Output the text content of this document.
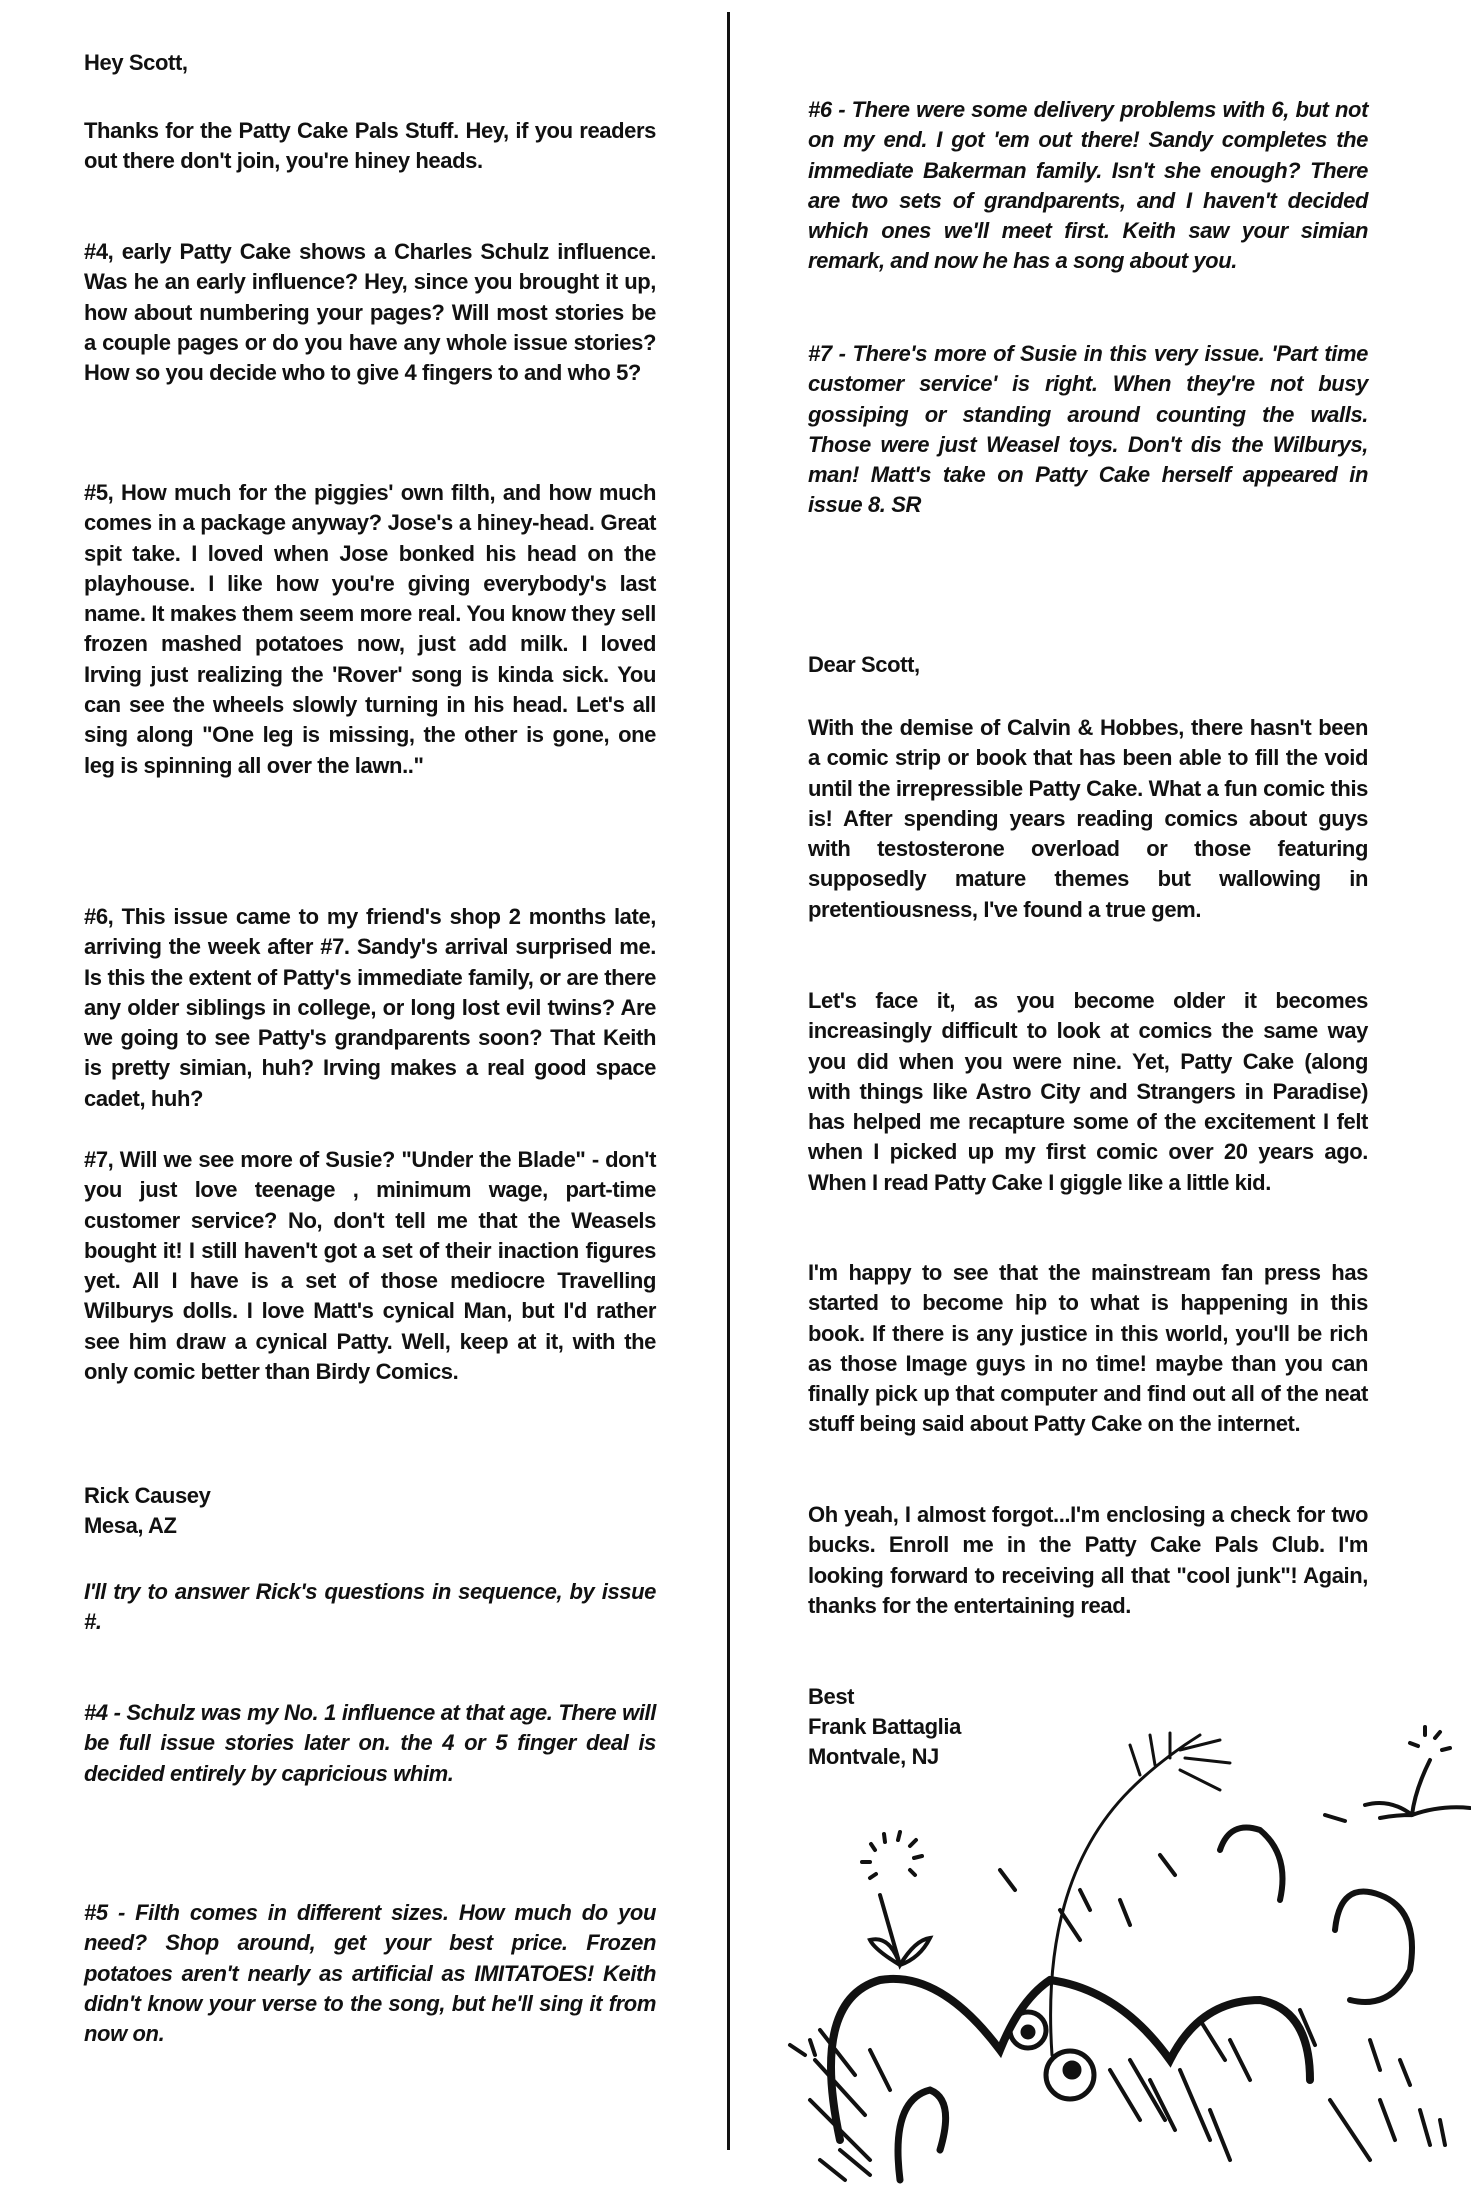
Hey Scott,

Thanks for the Patty Cake Pals Stuff. Hey, if you readers out there don't join, you're hiney heads.

#4, early Patty Cake shows a Charles Schulz influence. Was he an early influence? Hey, since you brought it up, how about numbering your pages? Will most stories be a couple pages or do you have any whole issue stories? How so you decide who to give 4 fingers to and who 5?

#5, How much for the piggies' own filth, and how much comes in a package anyway? Jose's a hiney-head. Great spit take. I loved when Jose bonked his head on the playhouse. I like how you're giving everybody's last name. It makes them seem more real. You know they sell frozen mashed potatoes now, just add milk. I loved Irving just realizing the 'Rover' song is kinda sick. You can see the wheels slowly turning in his head. Let's all sing along "One leg is missing, the other is gone, one leg is spinning all over the lawn.."

#6, This issue came to my friend's shop 2 months late, arriving the week after #7. Sandy's arrival surprised me. Is this the extent of Patty's immediate family, or are there any older siblings in college, or long lost evil twins? Are we going to see Patty's grandparents soon? That Keith is pretty simian, huh? Irving makes a real good space cadet, huh?

#7, Will we see more of Susie? "Under the Blade" - don't you just love teenage , minimum wage, part-time customer service? No, don't tell me that the Weasels bought it! I still haven't got a set of their inaction figures yet. All I have is a set of those mediocre Travelling Wilburys dolls. I love Matt's cynical Man, but I'd rather see him draw a cynical Patty. Well, keep at it, with the only comic better than Birdy Comics.

Rick Causey

Mesa, AZ

I'll try to answer Rick's questions in sequence, by issue #.

#4 - Schulz was my No. 1 influence at that age. There will be full issue stories later on. the 4 or 5 finger deal is decided entirely by capricious whim.

#5 - Filth comes in different sizes. How much do you need? Shop around, get your best price. Frozen potatoes aren't nearly as artificial as IMITATOES! Keith didn't know your verse to the song, but he'll sing it from now on.

#6 - There were some delivery problems with 6, but not on my end. I got 'em out there! Sandy completes the immediate Bakerman family. Isn't she enough? There are two sets of grandparents, and I haven't decided which ones we'll meet first. Keith saw your simian remark, and now he has a song about you.

#7 - There's more of Susie in this very issue. 'Part time customer service' is right. When they're not busy gossiping or standing around counting the walls. Those were just Weasel toys. Don't dis the Wilburys, man! Matt's take on Patty Cake herself appeared in issue 8. SR

Dear Scott,

With the demise of Calvin & Hobbes, there hasn't been a comic strip or book that has been able to fill the void until the irrepressible Patty Cake. What a fun comic this is! After spending years reading comics about guys with testosterone overload or those featuring supposedly mature themes but wallowing in pretentiousness, I've found a true gem.

Let's face it, as you become older it becomes increasingly difficult to look at comics the same way you did when you were nine. Yet, Patty Cake (along with things like Astro City and Strangers in Paradise) has helped me recapture some of the excitement I felt when I picked up my first comic over 20 years ago. When I read Patty Cake I giggle like a little kid.

I'm happy to see that the mainstream fan press has started to become hip to what is happening in this book. If there is any justice in this world, you'll be rich as those Image guys in no time! maybe than you can finally pick up that computer and find out all of the neat stuff being said about Patty Cake on the internet.

Oh yeah, I almost forgot...I'm enclosing a check for two bucks. Enroll me in the Patty Cake Pals Club. I'm looking forward to receiving all that "cool junk"! Again, thanks for the entertaining read.

Best

Frank Battaglia

Montvale, NJ
